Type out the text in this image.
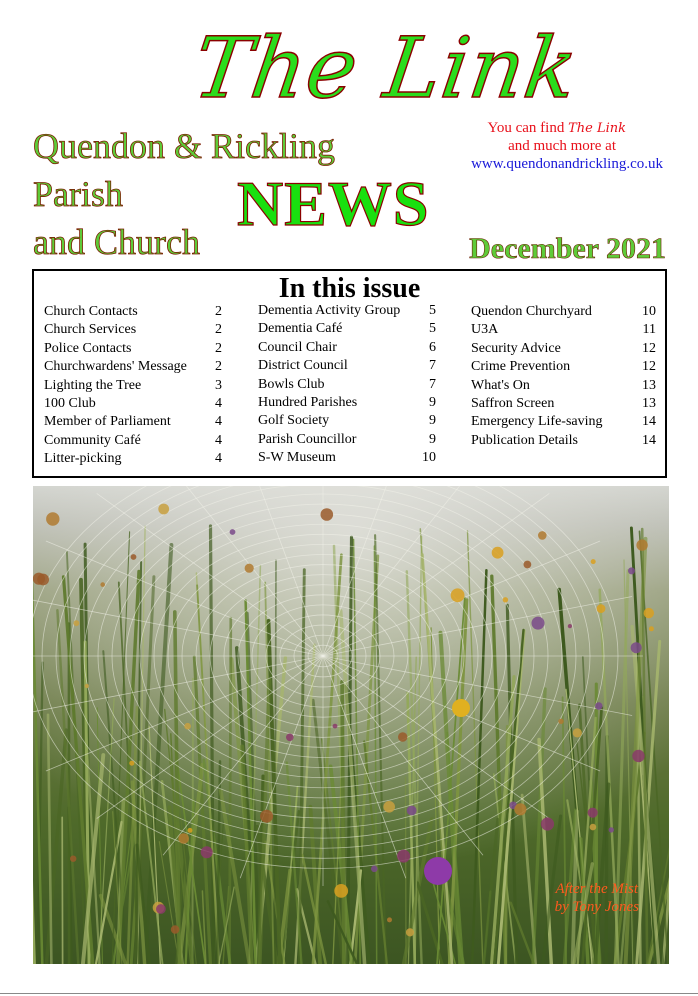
The Link
Quendon & Rickling
Parish
and Church
NEWS
You can find The Link
and much more at
www.quendonandrickling.co.uk
December 2021
In this issue
Church Contacts	2
Church Services	2
Police Contacts	2
Churchwardens' Message 2
Lighting the Tree	3
100 Club	4
Member of Parliament	4
Community Café	4
Litter-picking	4
Dementia Activity Group 5
Dementia Café	5
Council Chair	6
District Council	7
Bowls Club	7
Hundred Parishes	9
Golf Society	9
Parish Councillor	9
S-W Museum	10
Quendon Churchyard	10
U3A	11
Security Advice	12
Crime Prevention	12
What's On	13
Saffron Screen	13
Emergency Life-saving	14
Publication Details	14
After the Mist
by Tony Jones
